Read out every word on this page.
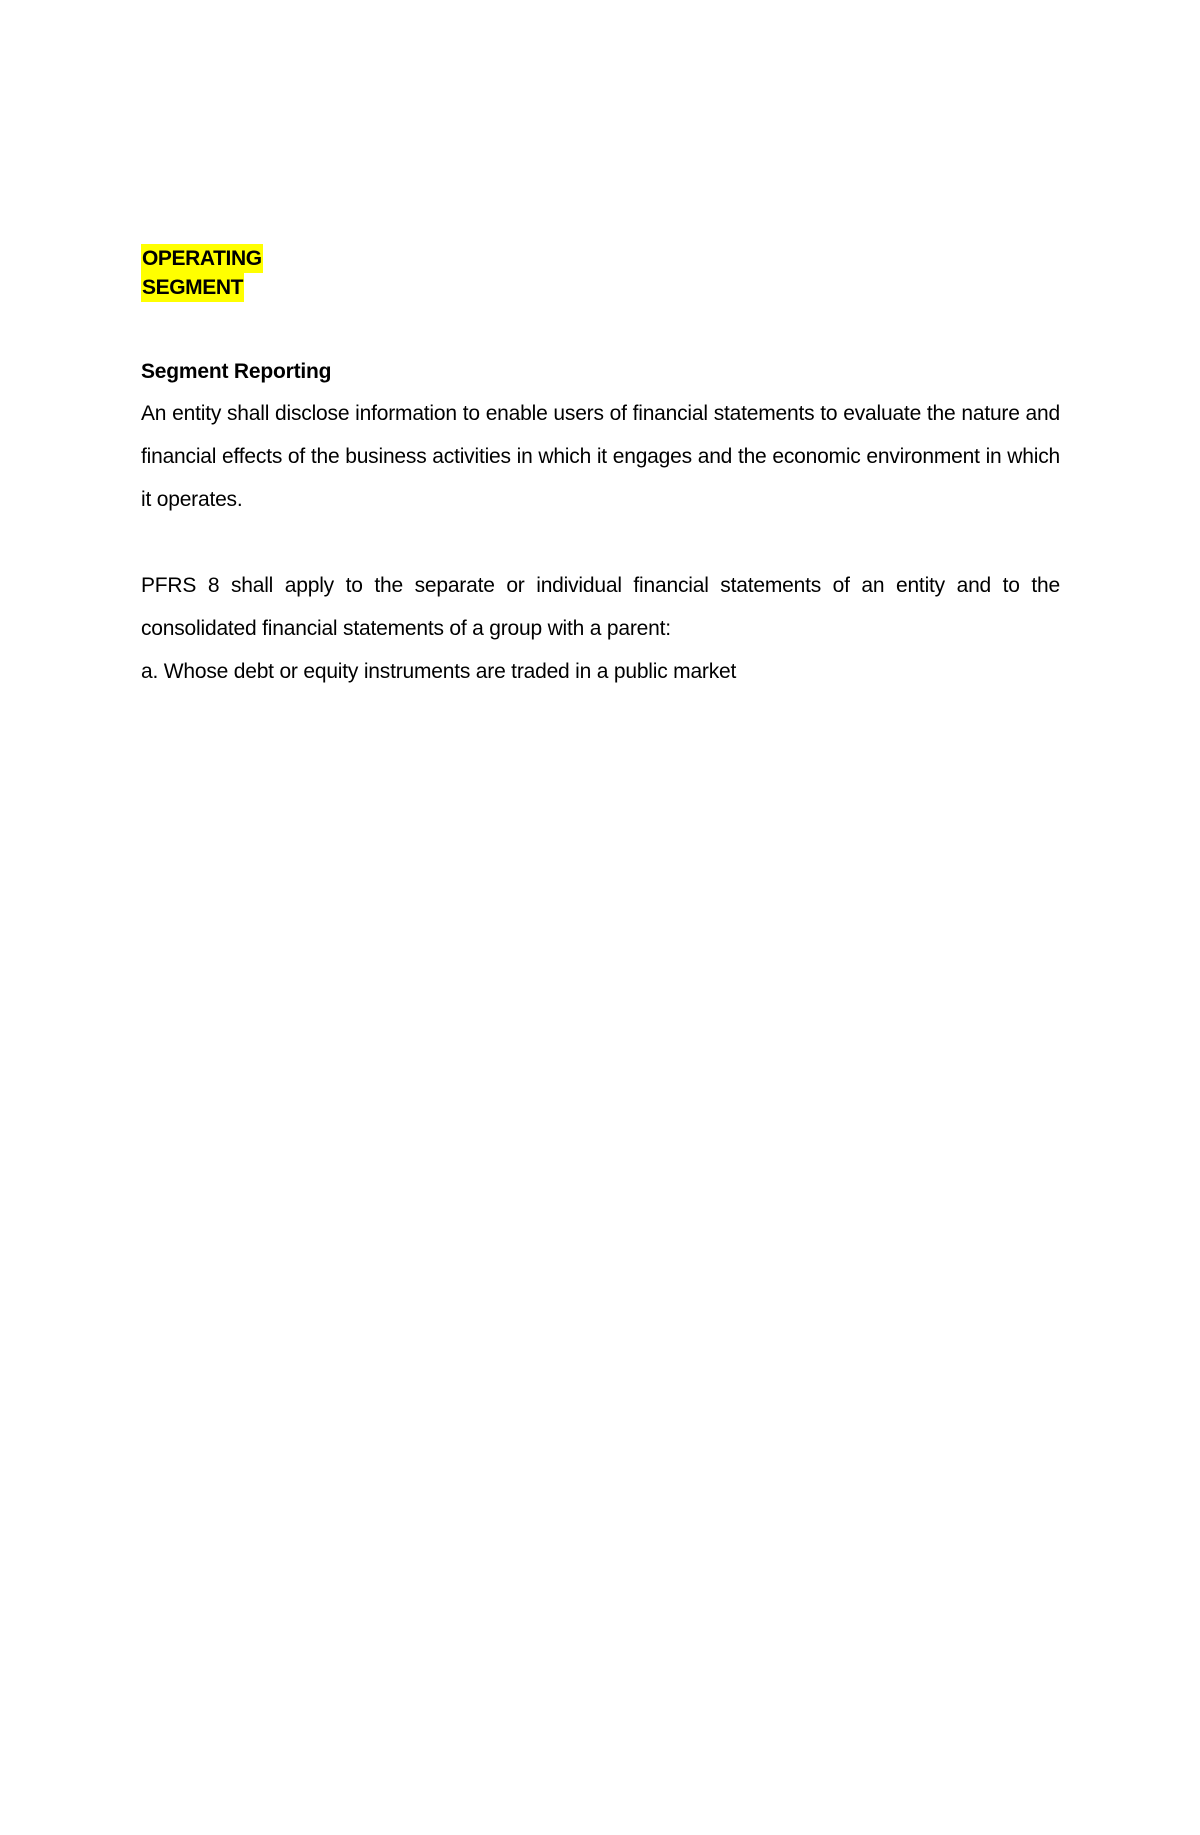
OPERATING
SEGMENT
Segment Reporting
An entity shall disclose information to enable users of financial statements to evaluate the nature and financial effects of the business activities in which it engages and the economic environment in which it operates.
PFRS 8 shall apply to the separate or individual financial statements of an entity and to the consolidated financial statements of a group with a parent:
a. Whose debt or equity instruments are traded in a public market
